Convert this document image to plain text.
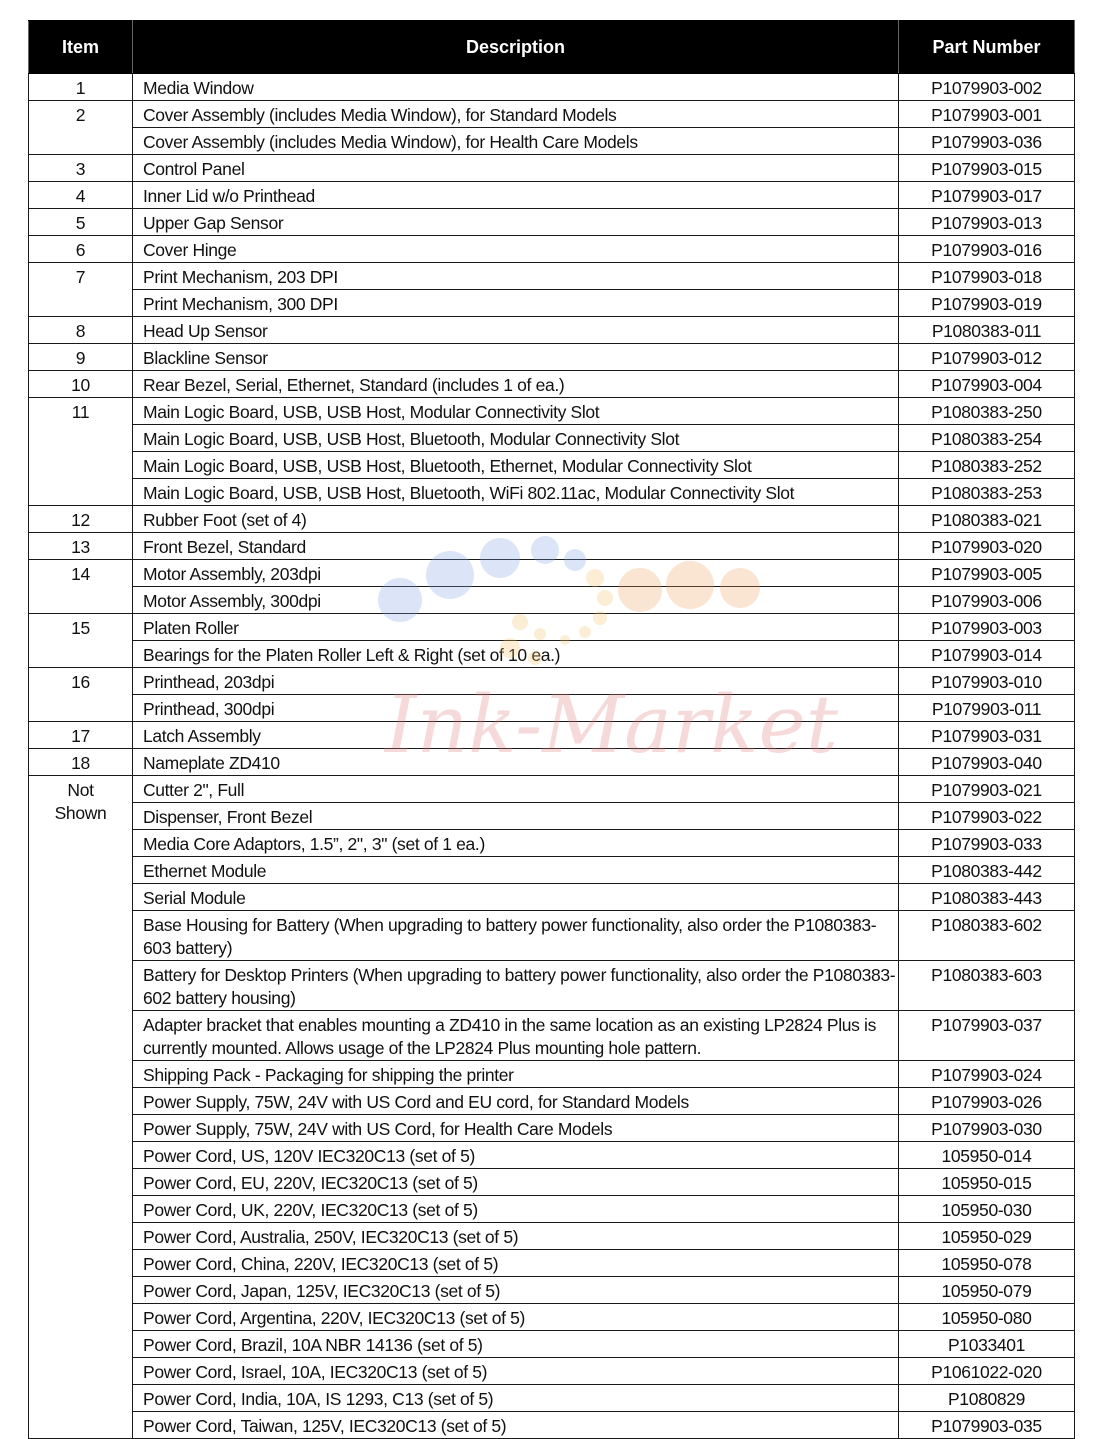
Item	Description	Part Number

1	Media Window	P1079903-002

2	Cover Assembly (includes Media Window), for Standard Models	P1079903-001

	Cover Assembly (includes Media Window), for Health Care Models	P1079903-036

3	Control Panel	P1079903-015

4	Inner Lid w/o Printhead	P1079903-017

5	Upper Gap Sensor	P1079903-013

6	Cover Hinge	P1079903-016

7	Print Mechanism, 203 DPI	P1079903-018

	Print Mechanism, 300 DPI	P1079903-019

8	Head Up Sensor	P1080383-011

9	Blackline Sensor	P1079903-012

10	Rear Bezel, Serial, Ethernet, Standard (includes 1 of ea.)	P1079903-004

11	Main Logic Board, USB, USB Host, Modular Connectivity Slot	P1080383-250

	Main Logic Board, USB, USB Host, Bluetooth, Modular Connectivity Slot	P1080383-254

	Main Logic Board, USB, USB Host, Bluetooth, Ethernet, Modular Connectivity Slot	P1080383-252

	Main Logic Board, USB, USB Host, Bluetooth, WiFi 802.11ac, Modular Connectivity Slot	P1080383-253

12	Rubber Foot (set of 4)	P1080383-021

13	Front Bezel, Standard	P1079903-020

14	Motor Assembly, 203dpi	P1079903-005

	Motor Assembly, 300dpi	P1079903-006

15	Platen Roller	P1079903-003

	Bearings for the Platen Roller Left & Right (set of 10 ea.)	P1079903-014

16	Printhead, 203dpi	P1079903-010

	Printhead, 300dpi	P1079903-011

17	Latch Assembly	P1079903-031

18	Nameplate ZD410	P1079903-040

Not
Shown	Cutter 2", Full	P1079903-021

	Dispenser, Front Bezel	P1079903-022

	Media Core Adaptors, 1.5”, 2", 3" (set of 1 ea.)	P1079903-033

	Ethernet Module	P1080383-442

	Serial Module	P1080383-443

	Base Housing for Battery (When upgrading to battery power functionality, also order the P1080383-
603 battery)	P1080383-602

	Battery for Desktop Printers (When upgrading to battery power functionality, also order the P1080383-
602 battery housing)	P1080383-603

	Adapter bracket that enables mounting a ZD410 in the same location as an existing LP2824 Plus is
currently mounted. Allows usage of the LP2824 Plus mounting hole pattern.	P1079903-037

	Shipping Pack - Packaging for shipping the printer	P1079903-024

	Power Supply, 75W, 24V with US Cord and EU cord, for Standard Models	P1079903-026

	Power Supply, 75W, 24V with US Cord, for Health Care Models	P1079903-030

	Power Cord, US, 120V IEC320C13 (set of 5)	105950-014

	Power Cord, EU, 220V, IEC320C13 (set of 5)	105950-015

	Power Cord, UK, 220V, IEC320C13 (set of 5)	105950-030

	Power Cord, Australia, 250V, IEC320C13 (set of 5)	105950-029

	Power Cord, China, 220V, IEC320C13 (set of 5)	105950-078

	Power Cord, Japan, 125V, IEC320C13 (set of 5)	105950-079

	Power Cord, Argentina, 220V, IEC320C13 (set of 5)	105950-080

	Power Cord, Brazil, 10A NBR 14136 (set of 5)	P1033401

	Power Cord, Israel, 10A, IEC320C13 (set of 5)	P1061022-020

	Power Cord, India, 10A, IS 1293, C13 (set of 5)	P1080829

	Power Cord, Taiwan, 125V, IEC320C13 (set of 5)	P1079903-035
Ink-Market
